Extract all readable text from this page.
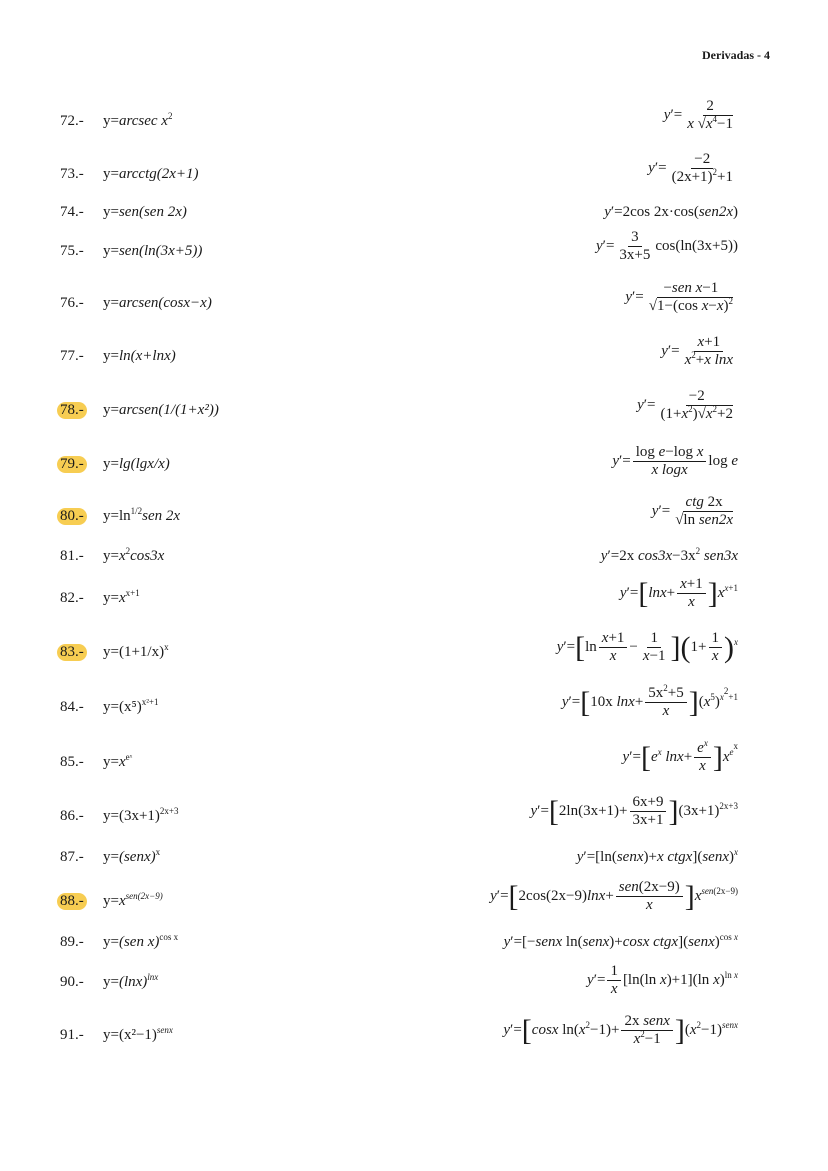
Derivadas - 4
72.- y=arcsec $x^2$	$y'= \frac{2}{x √x^4-1}$
73.- y=arcctg(2x+1)	$y'= \frac{-2}{(2x+1)^2+1}$
74.- y=sen(sen 2x)	y′=2cos 2x·cos(sen2x)
75.- y=sen(ln(3x+5))	$y'= \frac{3}{3x+5} \cos(\ln(3x+5))$
76.- y=arcsen(cosx−x)	$y'= \frac{\text{−sen x−1}}{√1-(\cos x-x)^2}$
77.- y=ln(x+lnx)	$y'= \frac{x+1}{x^2+x \ln x}$
78.- y=arcsen(1/(1+x²))	$y'= \frac{-2}{(1+x^2)√x^2+2}$
79.- y=lg(lgx/x)	$y'= \frac{\text{log e−log x}}{\text{x logx}}$ log e
80.- $y=\ln^{1/2}sen$ 2x	$y'= \frac{\text{ctg 2x}}{\text{√ln sen2x}}$
81.- $y=x^2\cos 3x$	y′=2x $\cos 3x-3x^2$ sen3x
82.- $y=x^{x+1}$	$y'=[\ln x+ \frac{x+1}{x} ]x^{x+1}$
83.- $y=(1+1/x)^x$	$y'=[\ln \frac{x+1}{x} - \frac{1}{x-1} ](1+ \frac{1}{x} )^x$
84.- $y=(x^5)^{x^2+1}$	y′=[10x $\ln x+ \frac{5x^2+5}{x} ](x^5)^{x^2+1}$
85.- $y=x^{eˣ}$	$y'=[e^x$ $\ln x+ \frac{e^x}{x} ]x^{e^x}$
86.- $y=(3x+1)^{2x+3}$	$y'=[2\ln(3x+1)+ \frac{6x+9}{3x+1} ](3x+1)^{2x+3}$
87.- y=(senx)$^x$	y′=[ln(senx)+x ctgx](senx)$^x$
88.- $y=x^{sen(2x-9)}$	$y'=[2\cos(2x-9)\ln x+ \frac{\text{sen(2x−9)}}{x} ]x^{sen(2x-9)}$
89.- y=(sen x)$^{cos x}$	y′=[−senx ln(senx)+cosx ctgx](senx)$^{cos x}$
90.- $y=(\ln x)^{lnx}$	$y'= \frac{1}{x} [\ln(\ln$ x)+1](ln x)$^{ln x}$
91.- $y=(x^2-1)^{senx}$	y′=[cosx $\ln(x^2-1)+ \frac{\text{2x senx}}{x^2-1} ](x^2-1)^{senx}$
